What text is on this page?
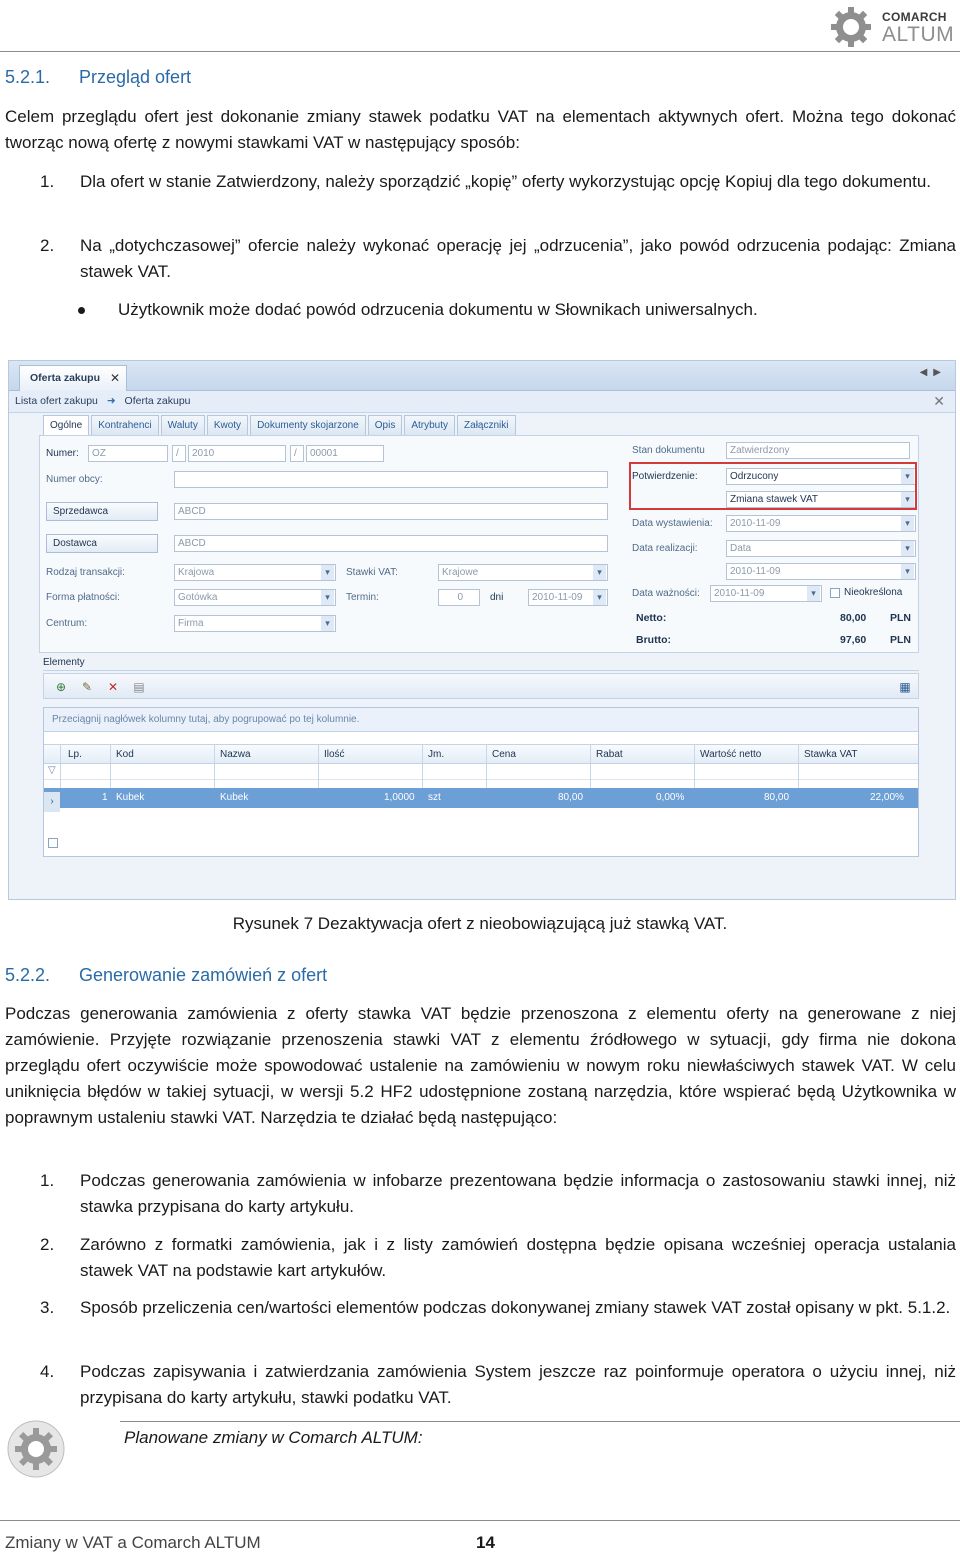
COMARCH
ALTUM
5.2.1. Przegląd ofert
Celem przeglądu ofert jest dokonanie zmiany stawek podatku VAT na elementach aktywnych ofert. Można tego dokonać tworząc nową ofertę z nowymi stawkami VAT w następujący sposób:
1. Dla ofert w stanie Zatwierdzony, należy sporządzić „kopię” oferty wykorzystując opcję Kopiuj dla tego dokumentu.
2. Na „dotychczasowej” ofercie należy wykonać operację jej „odrzucenia”, jako powód odrzucenia podając: Zmiana stawek VAT.
Użytkownik może dodać powód odrzucenia dokumentu w Słownikach uniwersalnych.
Oferta zakupu ✕	◀▶
Lista ofert zakupu ➜ Oferta zakupu	✕
Ogólne Kontrahenci Waluty Kwoty Dokumenty skojarzone Opis Atrybuty Załączniki
Numer:	OZ	/	2010	/	00001
Numer obcy:
Sprzedawca	ABCD
Dostawca	ABCD
Rodzaj transakcji:	Krajowa ▾
Forma płatności:	Gotówka ▾
Centrum:	Firma ▾
Stawki VAT:	Krajowe ▾
Termin:	0	dni	2010-11-09 ▾
Stan dokumentu	Zatwierdzony
Potwierdzenie:	Odrzucony ▾
Zmiana stawek VAT ▾
Data wystawienia:	2010-11-09 ▾
Data realizacji:	Data ▾
2010-11-09 ▾
Data ważności:	2010-11-09 ▾	Nieokreślona
Netto:	80,00 PLN
Brutto:	97,60 PLN
Elementy
⊕	✎	✕	▤	▦
Przeciągnij nagłówek kolumny tutaj, aby pogrupować po tej kolumnie.
Lp.	Kod	Nazwa	Ilość	Jm.	Cena	Rabat	Wartość netto	Stawka VAT
▽
›	1 Kubek	Kubek	1,0000 szt	80,00	0,00%	80,00	22,00%
Rysunek 7 Dezaktywacja ofert z nieobowiązującą już stawką VAT.
5.2.2. Generowanie zamówień z ofert
Podczas generowania zamówienia z oferty stawka VAT będzie przenoszona z elementu oferty na generowane z niej zamówienie. Przyjęte rozwiązanie przenoszenia stawki VAT z elementu źródłowego w sytuacji, gdy firma nie dokona przeglądu ofert oczywiście może spowodować ustalenie na zamówieniu w nowym roku niewłaściwych stawek VAT. W celu uniknięcia błędów w takiej sytuacji, w wersji 5.2 HF2 udostępnione zostaną narzędzia, które wspierać będą Użytkownika w poprawnym ustaleniu stawki VAT. Narzędzia te działać będą następująco:
1. Podczas generowania zamówienia w infobarze prezentowana będzie informacja o zastosowaniu stawki innej, niż stawka przypisana do karty artykułu.
2. Zarówno z formatki zamówienia, jak i z listy zamówień dostępna będzie opisana wcześniej operacja ustalania stawek VAT na podstawie kart artykułów.
3. Sposób przeliczenia cen/wartości elementów podczas dokonywanej zmiany stawek VAT został opisany w pkt. 5.1.2.
4. Podczas zapisywania i zatwierdzania zamówienia System jeszcze raz poinformuje operatora o użyciu innej, niż przypisana do karty artykułu, stawki podatku VAT.
Planowane zmiany w Comarch ALTUM:
Zmiany w VAT a Comarch ALTUM	14
